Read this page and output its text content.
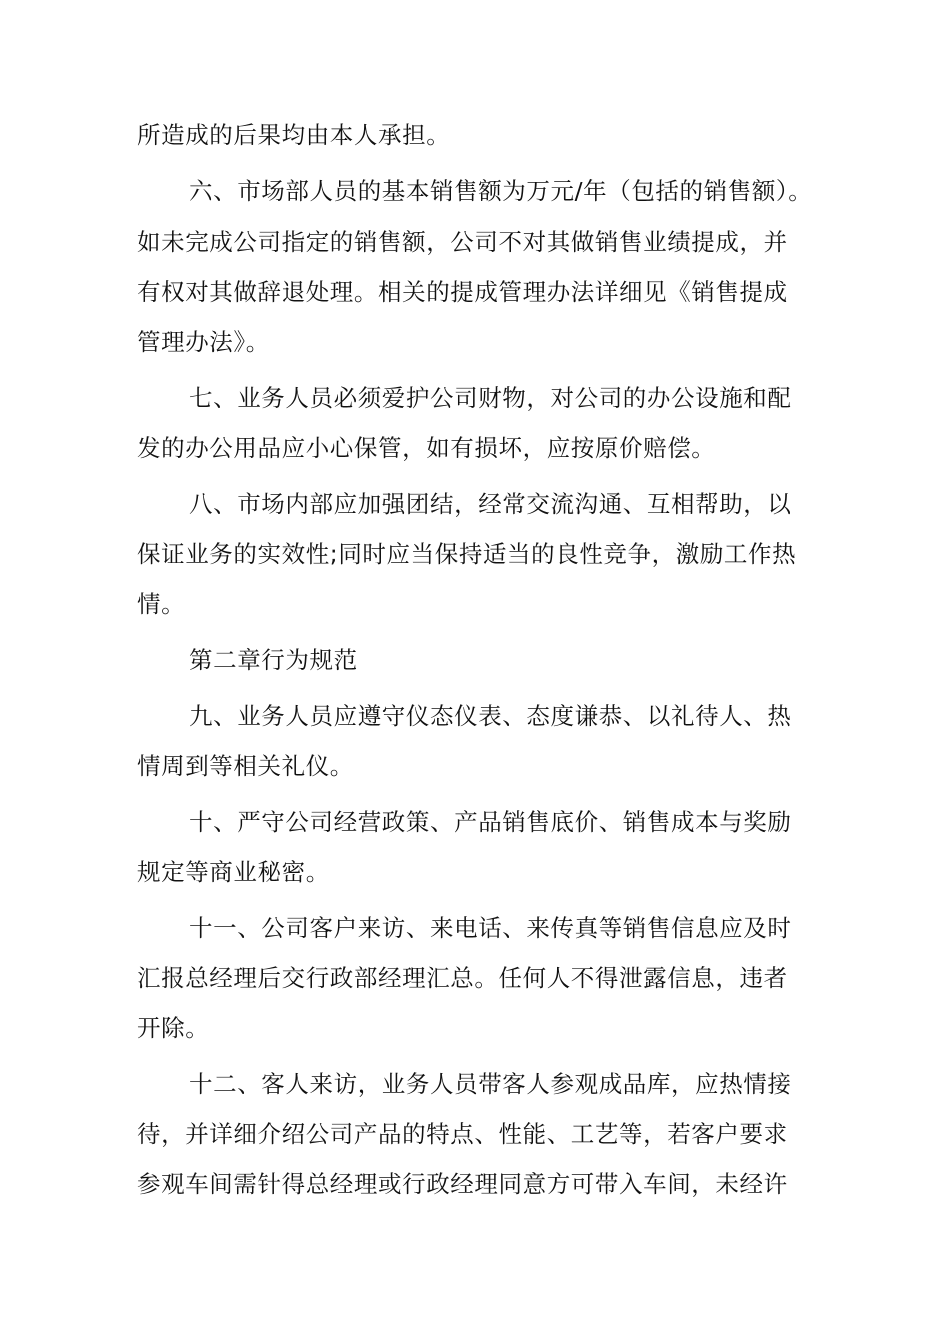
所造成的后果均由本人承担。
六、市场部人员的基本销售额为万元/年（包括的销售额）。
如未完成公司指定的销售额，公司不对其做销售业绩提成，并
有权对其做辞退处理。相关的提成管理办法详细见《销售提成
管理办法》。
七、业务人员必须爱护公司财物，对公司的办公设施和配
发的办公用品应小心保管，如有损坏，应按原价赔偿。
八、市场内部应加强团结，经常交流沟通、互相帮助，以
保证业务的实效性;同时应当保持适当的良性竞争，激励工作热
情。
第二章行为规范
九、业务人员应遵守仪态仪表、态度谦恭、以礼待人、热
情周到等相关礼仪。
十、严守公司经营政策、产品销售底价、销售成本与奖励
规定等商业秘密。
十一、公司客户来访、来电话、来传真等销售信息应及时
汇报总经理后交行政部经理汇总。任何人不得泄露信息，违者
开除。
十二、客人来访，业务人员带客人参观成品库，应热情接
待，并详细介绍公司产品的特点、性能、工艺等，若客户要求
参观车间需针得总经理或行政经理同意方可带入车间，未经许
